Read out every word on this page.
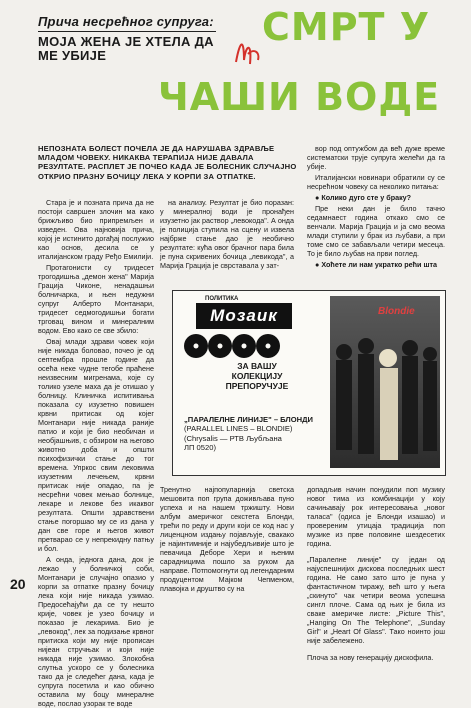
Прича несрећног супруга:
МОЈА ЖЕНА ЈЕ ХТЕЛА ДА МЕ УБИЈЕ
СМРТ У
ЧАШИ ВОДЕ
НЕПОЗНАТА БОЛЕСТ ПОЧЕЛА ЈЕ ДА НАРУШАВА ЗДРАВЉЕ МЛАДОМ ЧОВЕКУ. НИКАКВА ТЕРАПИЈА НИЈЕ ДАВАЛА РЕЗУЛТАТЕ. РАСПЛЕТ ЈЕ ПОЧЕО КАДА ЈЕ БОЛЕСНИК СЛУЧАЈНО ОТКРИО ПРАЗНУ БОЧИЦУ ЛЕКА У КОРПИ ЗА ОТПАТКЕ.

Стара је и позната прича да не постоји савршен злочин ма како брижљиво био припремљен и изведен. Ова најновија прича, којој је истинито догађај послужио као основ, десила се у италијанском граду Ређо Емилији.

Протагонисти су тридесет трогодишња „демон жена" Марија Грација Чиконе, ненадашњи болничарка, и њен недужни супруг Алберто Монтанари, тридесет седмогодишњи богати трговац вином и минералним водом. Ево како се све збило:

Овај млади здрави човек који није никада боловао, почео је од септембра прошле године да осећа неке чудне тегобе праћене неизвесним мигренама, које су толико узеле маха да је отишао у болницу. Клиничка испитивања показала су изузетно повишен крвни притисак од којег Монтанари није никада раније патио и који је био необичан и необјашњив, с обзиром на његово животно доба и општи психофизички стање до тог времена. Упркос свим лековима изузетним лечењем, крвни притисак није опадао, па је несрећни човек мењао болнице, лекаре и лекове без икаквог резултата. Општи здравствени стање погоршао му се из дана у дан све горе и његов живот претварао се у непрекидну патњу и бол.

А онда, једнога дана, док је лежао у болничкој соби, Монтанари је случајно опазио у корпи за отпатке празну бочицу лека који није никада узимао. Предосећајући да се ту нешто крије, човек је узео бочицу и показао је лекарима. Био је „левокод", лек за подизање крвног притиска који му није прописан нијеан стручњак и који није никада није узимао. Злокобна слутња ускоро се у болесника тако да је следећег дана, када је супруга посетила и као обично оставила му боцу минералне воде, послао узорак те воде

на анализу. Резултат је био поразан: у минералној води је пронађен изузетно јак раствор „левокода". А онда је полиција ступила на сцену и извела најбрже стање дао је необично резултате: кућа овог брачног пара била је пуна скривених бочица „левикода", а Марија Грација је сврставала у зат-

вор под оптужбом да већ дуже време систематски трује супруга желећи да га убије.

Италијански новинари обратили су се несрећном човеку са неколико питања:

● Колико дуго сте у браку?

Пре неки дан је било тачно седамнаест година откако смо се венчали. Марија Грација и ја смо веома млади ступили у брак из љубави, а при томе смо се забављали четири месеца. То је било љубав на први поглед.

● Хоћете ли нам укратко рећи шта

ПОЛИТИКА
Мозаик
ЗА ВАШУ КОЛЕКЦИЈУ ПРЕПОРУЧУЈЕ
Blondie
„ПАРАЛЕЛНЕ ЛИНИЈЕ" – БЛОНДИ
(PARALLEL LINES – BLONDIE)
(Chrysalis — РТВ Љубљана
ЛП 0520)

Тренутно најпопуларнија светска мешовита поп група доживљава пуно успеха и на нашем тржишту. Нови албум америчког секстета Блонди, трећи по реду и други који се код нас у лиценцном издању појављује, свакако је најинтимније и најубедљивије што је певачица Деборе Хери и њеним сарадницима пошло за руком да направе. Потпомогнути од легендарним продуцентом Мајком Чепменом, плавојка и друштво су на

допадљив начин понудили поп музику новог тима из комбинацији у коју сачињавају рок интересовања „новог таласа" (одиса је Блонди изашао) и провереним утицаја традиција поп музике из прве половине шездесетих година.

„Паралелне линије" су један од најуспешнијих дискова последњих шест година. Не само зато што је пуна у фантастичном тиражу, већ што у њега „скинуто" чак четири веома успешна сингл плоче. Сама од њих је била из сваке америчке листе: „Picture This", „Hanging On The Telephone", „Sunday Girl" и „Heart Of Glass". Тако ноинто још није забележено.

Плоча за нову генерацију дискофила.

20
